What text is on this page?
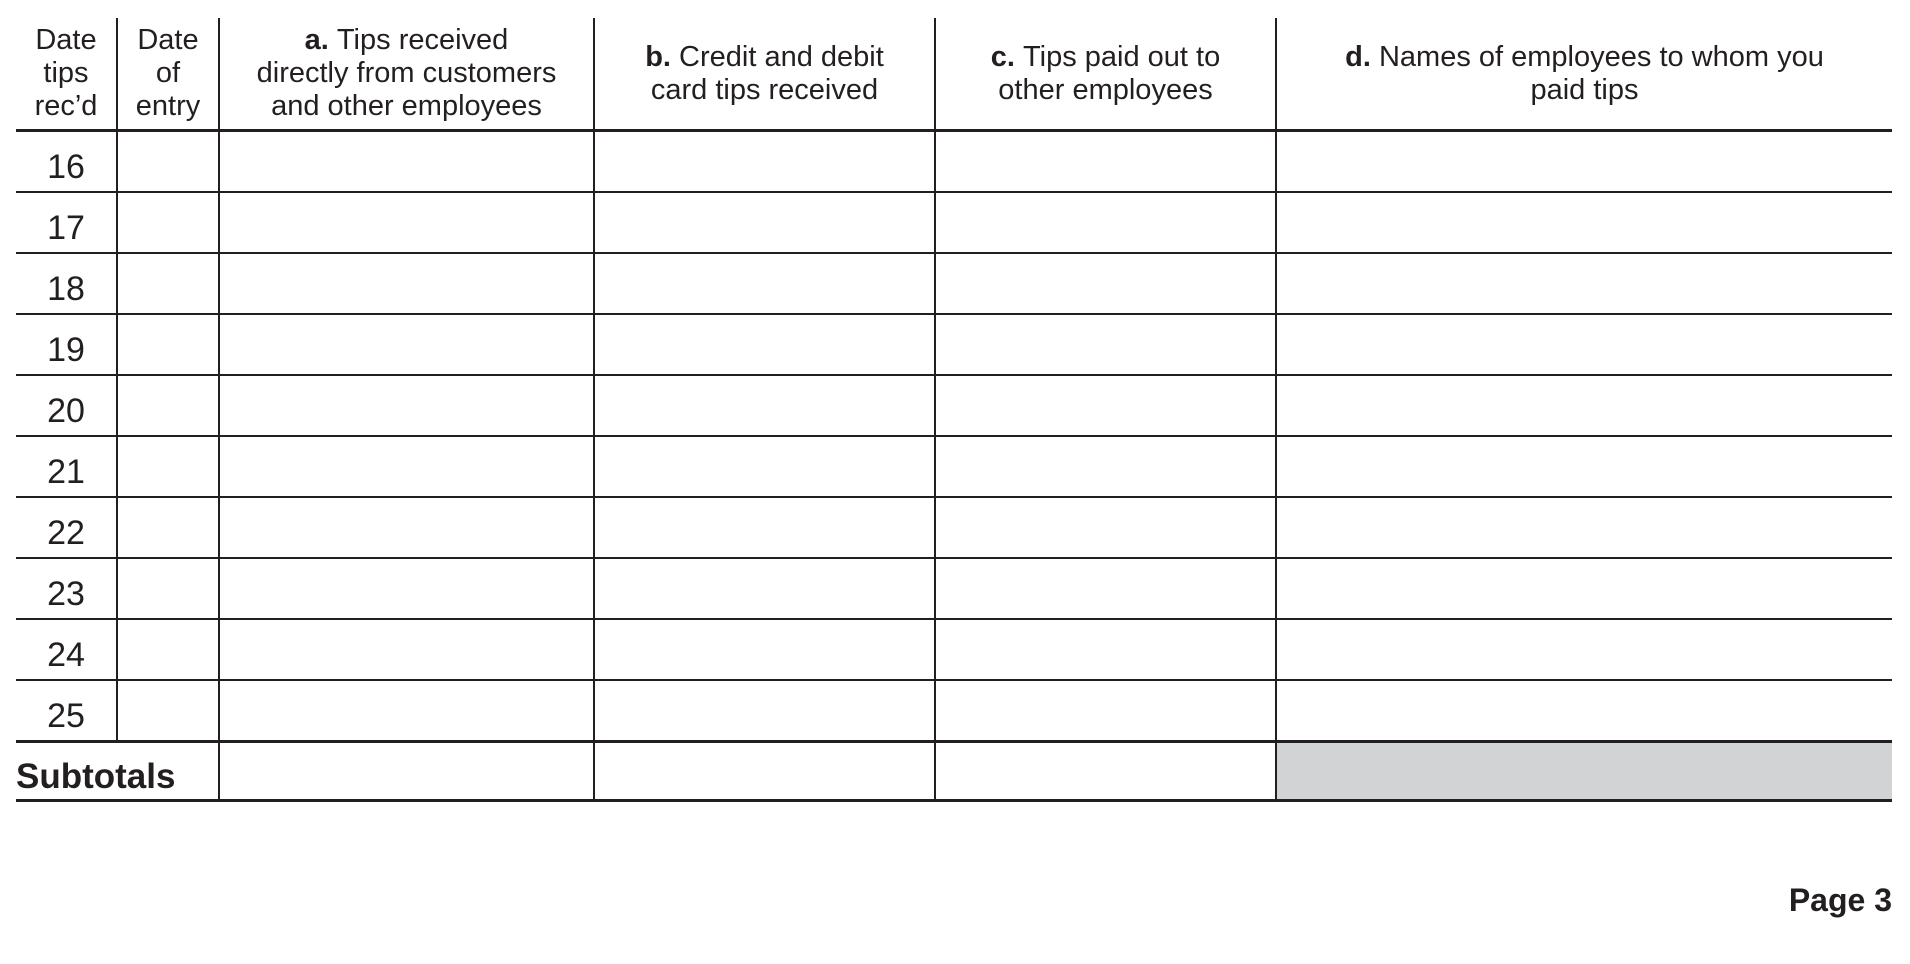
Date
tips
rec’d	Date
of
entry	a. Tips received
directly from customers
and other employees	b. Credit and debit
card tips received	c. Tips paid out to
other employees	d. Names of employees to whom you
paid tips
16					
17					
18					
19					
20					
21					
22					
23					
24					
25					
Subtotals					
Page 3
